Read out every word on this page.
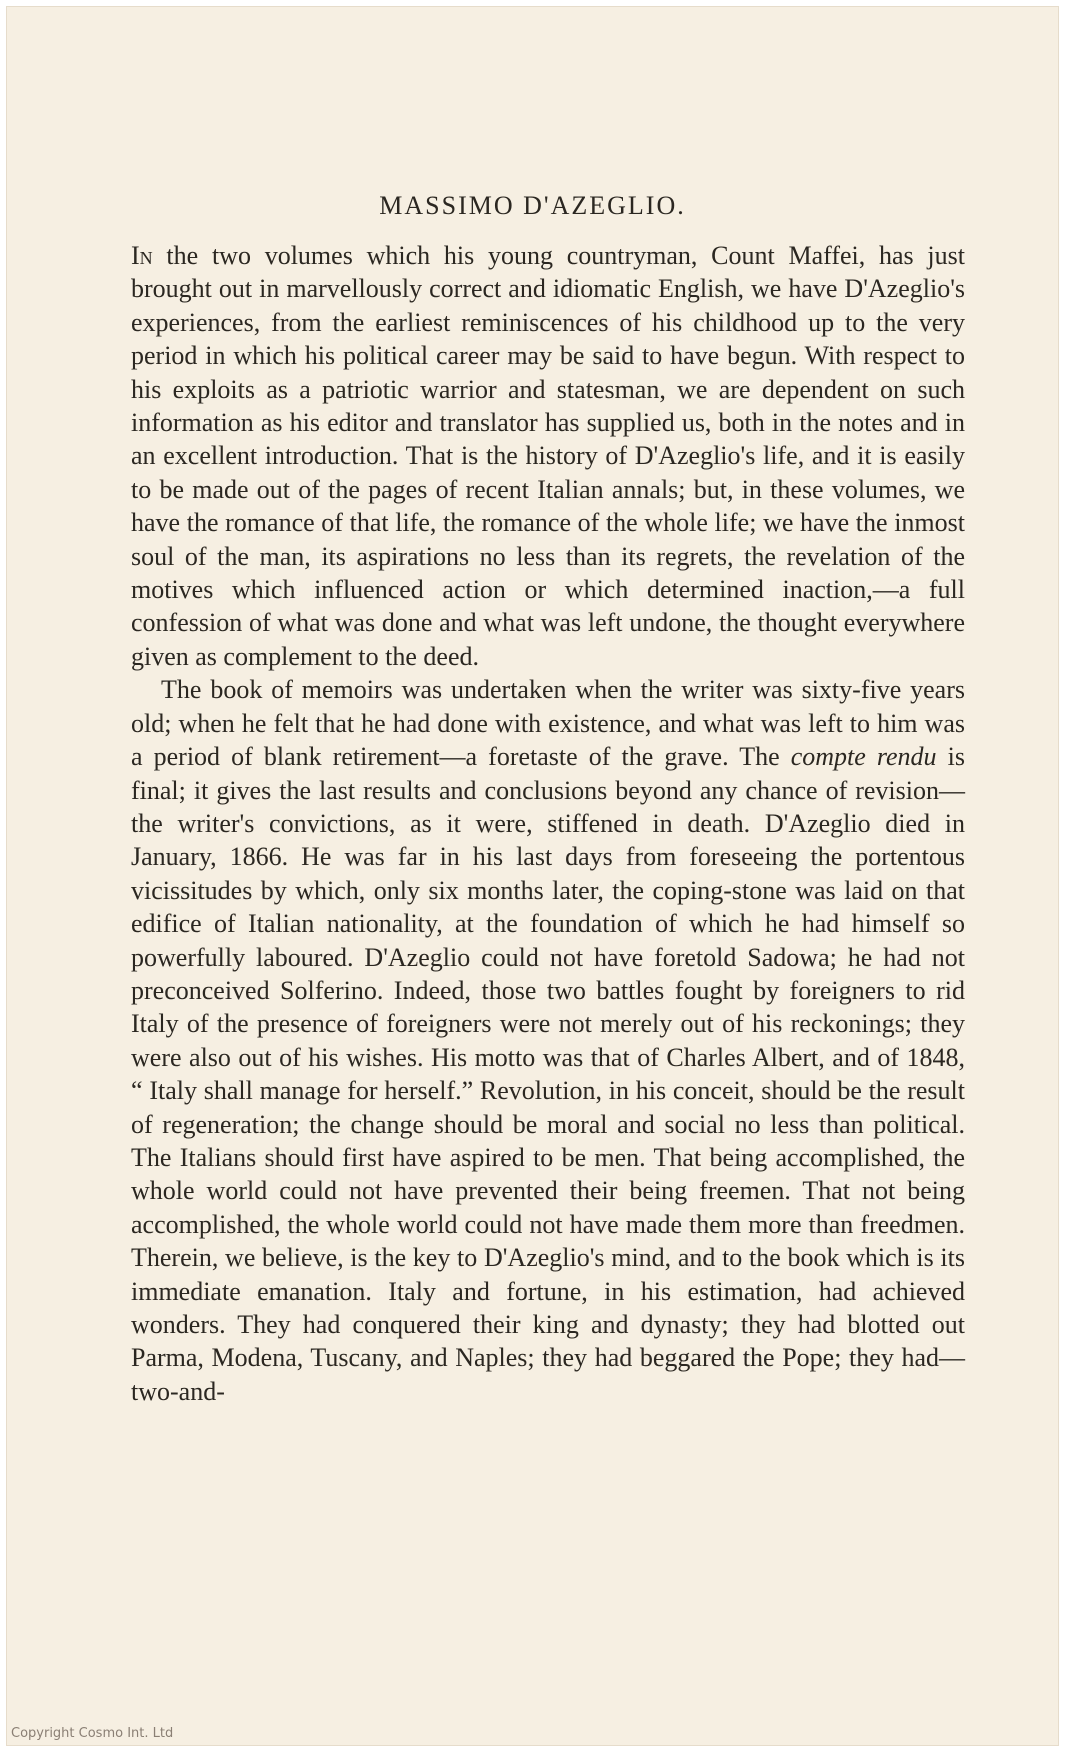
MASSIMO D'AZEGLIO.

In the two volumes which his young countryman, Count Maffei, has just brought out in marvellously correct and idiomatic English, we have D'Azeglio's experiences, from the earliest reminiscences of his childhood up to the very period in which his political career may be said to have begun. With respect to his exploits as a patriotic warrior and statesman, we are dependent on such information as his editor and translator has supplied us, both in the notes and in an excellent introduction. That is the history of D'Azeglio's life, and it is easily to be made out of the pages of recent Italian annals; but, in these volumes, we have the romance of that life, the romance of the whole life; we have the inmost soul of the man, its aspirations no less than its regrets, the revelation of the motives which influenced action or which determined inaction,—a full confession of what was done and what was left undone, the thought everywhere given as complement to the deed.

The book of memoirs was undertaken when the writer was sixty-five years old; when he felt that he had done with existence, and what was left to him was a period of blank retirement—a foretaste of the grave. The compte rendu is final; it gives the last results and conclusions beyond any chance of revision—the writer's convictions, as it were, stiffened in death. D'Azeglio died in January, 1866. He was far in his last days from foreseeing the portentous vicissitudes by which, only six months later, the coping-stone was laid on that edifice of Italian nationality, at the foundation of which he had himself so powerfully laboured. D'Azeglio could not have foretold Sadowa; he had not preconceived Solferino. Indeed, those two battles fought by foreigners to rid Italy of the presence of foreigners were not merely out of his reckonings; they were also out of his wishes. His motto was that of Charles Albert, and of 1848, “ Italy shall manage for herself.” Revolution, in his conceit, should be the result of regeneration; the change should be moral and social no less than political. The Italians should first have aspired to be men. That being accomplished, the whole world could not have prevented their being freemen. That not being accomplished, the whole world could not have made them more than freedmen. Therein, we believe, is the key to D'Azeglio's mind, and to the book which is its immediate emanation. Italy and fortune, in his estimation, had achieved wonders. They had conquered their king and dynasty; they had blotted out Parma, Modena, Tuscany, and Naples; they had beggared the Pope; they had—two-and-

Copyright Cosmo Int. Ltd
